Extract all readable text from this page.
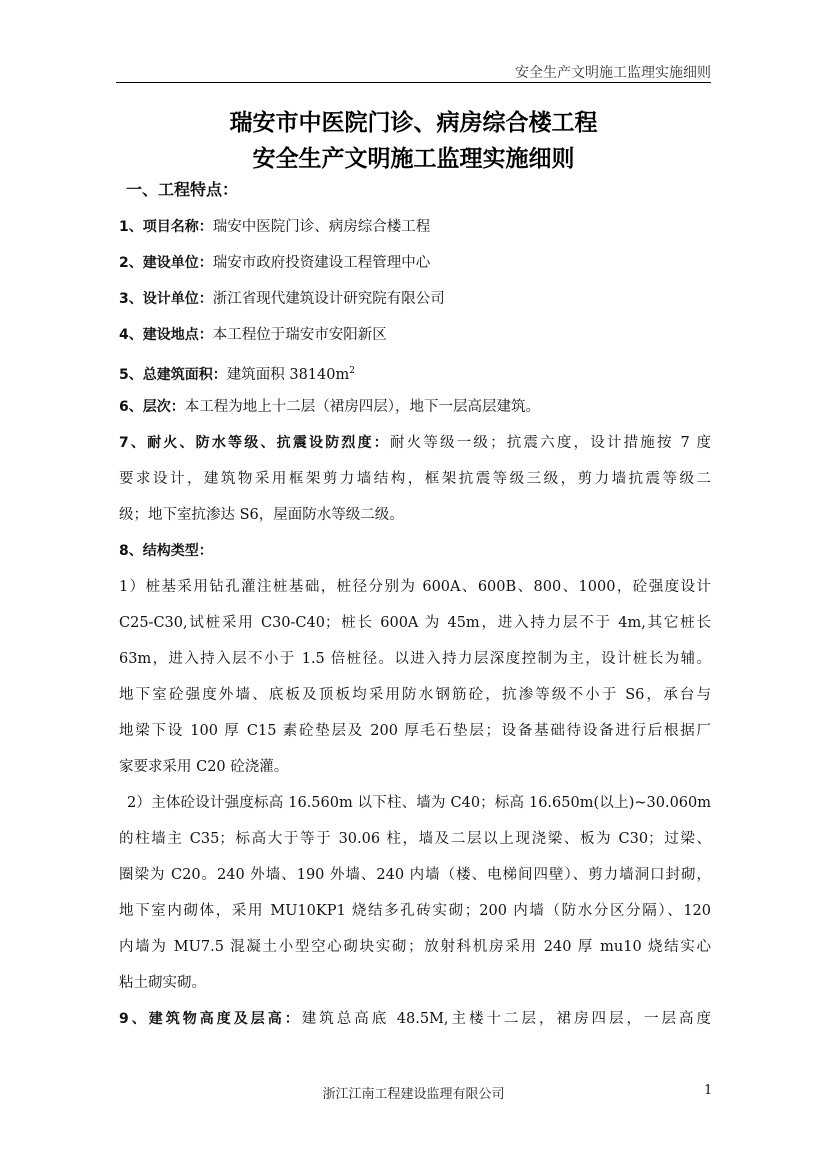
安全生产文明施工监理实施细则
瑞安市中医院门诊、病房综合楼工程
安全生产文明施工监理实施细则
一、工程特点：
1、项目名称：瑞安中医院门诊、病房综合楼工程
2、建设单位：瑞安市政府投资建设工程管理中心
3、设计单位：浙江省现代建筑设计研究院有限公司
4、建设地点：本工程位于瑞安市安阳新区
5、总建筑面积：建筑面积 $38140m^2$
6、层次：本工程为地上十二层（裙房四层），地下一层高层建筑。
7、耐火、防水等级、抗震设防烈度：耐火等级一级；抗震六度，设计措施按 7 度
要求设计，建筑物采用框架剪力墙结构，框架抗震等级三级，剪力墙抗震等级二
级；地下室抗渗达 S6，屋面防水等级二级。
8、结构类型：
1）桩基采用钻孔灌注桩基础，桩径分别为 600A、600B、800、1000，砼强度设计
C25-C30,试桩采用 C30-C40；桩长 600A 为 45m，进入持力层不于 4m,其它桩长
63m，进入持入层不小于 1.5 倍桩径。以进入持力层深度控制为主，设计桩长为辅。
地下室砼强度外墙、底板及顶板均采用防水钢筋砼，抗渗等级不小于 S6，承台与
地梁下设 100 厚 C15 素砼垫层及 200 厚毛石垫层；设备基础待设备进行后根据厂
家要求采用 C20 砼浇灌。
2）主体砼设计强度标高 16.560m 以下柱、墙为 C40；标高 16.650m(以上)~30.060m
的柱墙主 C35；标高大于等于 30.06 柱，墙及二层以上现浇梁、板为 C30；过梁、
圈梁为 C20。240 外墙、190 外墙、240 内墙（楼、电梯间四壁）、剪力墙洞口封砌，
地下室内砌体，采用 MU10KP1 烧结多孔砖实砌；200 内墙（防水分区分隔）、120
内墙为 MU7.5 混凝土小型空心砌块实砌；放射科机房采用 240 厚 mu10 烧结实心
粘土砌实砌。
9、建筑物高度及层高：建筑总高底 48.5M,主楼十二层，裙房四层，一层高度
浙江江南工程建设监理有限公司	1
